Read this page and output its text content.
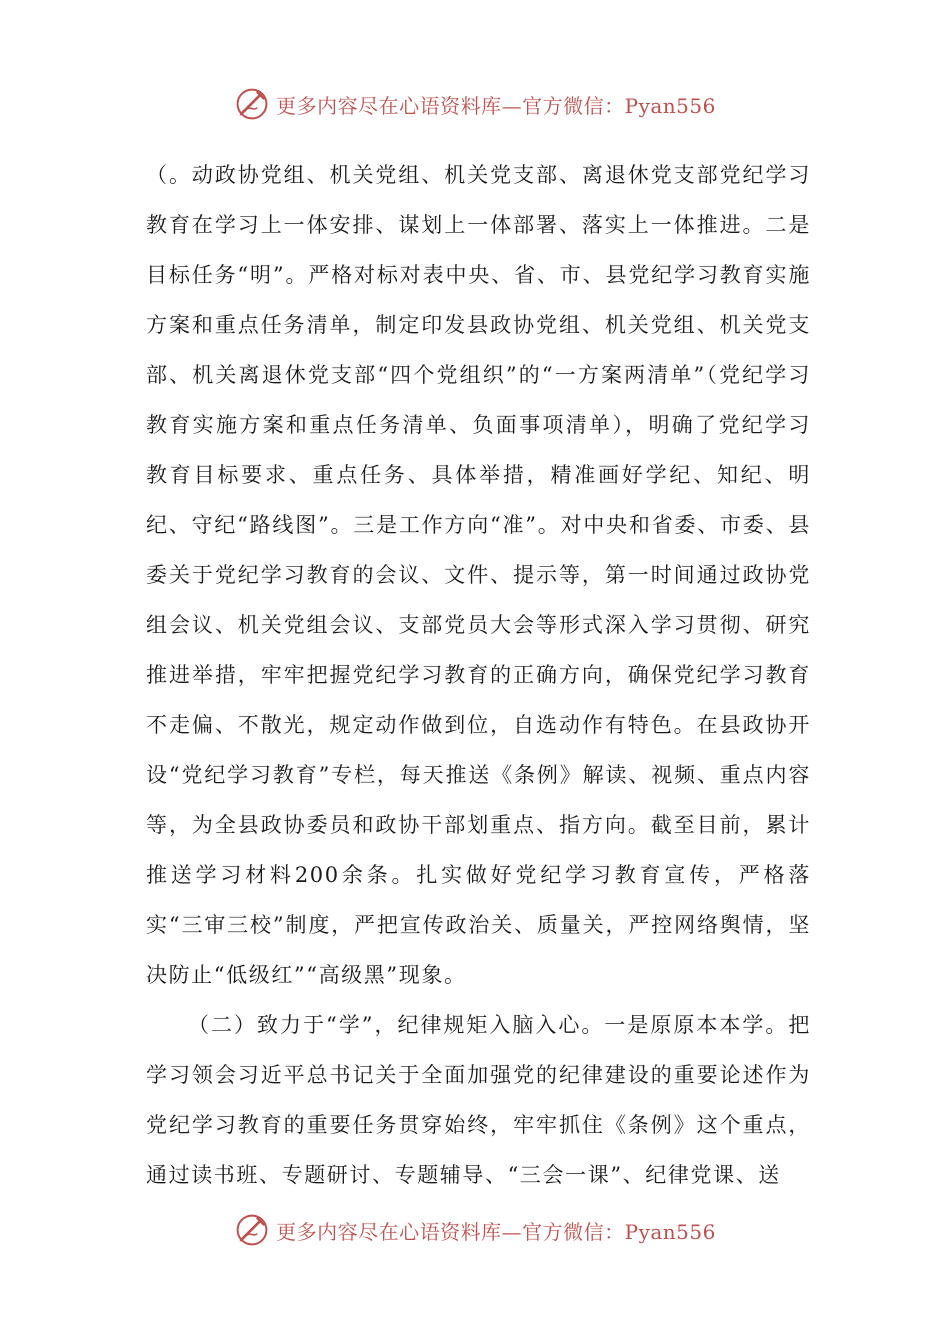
更多内容尽在心语资料库—官方微信：Pyan556

（。动政协党组、机关党组、机关党支部、离退休党支部党纪学习教育在学习上一体安排、谋划上一体部署、落实上一体推进。二是目标任务“明”。严格对标对表中央、省、市、县党纪学习教育实施方案和重点任务清单，制定印发县政协党组、机关党组、机关党支部、机关离退休党支部“四个党组织”的“一方案两清单”（党纪学习教育实施方案和重点任务清单、负面事项清单），明确了党纪学习教育目标要求、重点任务、具体举措，精准画好学纪、知纪、明纪、守纪“路线图”。三是工作方向“准”。对中央和省委、市委、县委关于党纪学习教育的会议、文件、提示等，第一时间通过政协党组会议、机关党组会议、支部党员大会等形式深入学习贯彻、研究推进举措，牢牢把握党纪学习教育的正确方向，确保党纪学习教育不走偏、不散光，规定动作做到位，自选动作有特色。在县政协开设“党纪学习教育”专栏，每天推送《条例》解读、视频、重点内容等，为全县政协委员和政协干部划重点、指方向。截至目前，累计推送学习材料200余条。扎实做好党纪学习教育宣传，严格落实“三审三校”制度，严把宣传政治关、质量关，严控网络舆情，坚决防止“低级红”“高级黑”现象。

（二）致力于“学”，纪律规矩入脑入心。一是原原本本学。把学习领会习近平总书记关于全面加强党的纪律建设的重要论述作为党纪学习教育的重要任务贯穿始终，牢牢抓住《条例》这个重点，通过读书班、专题研讨、专题辅导、“三会一课”、纪律党课、送

更多内容尽在心语资料库—官方微信：Pyan556
